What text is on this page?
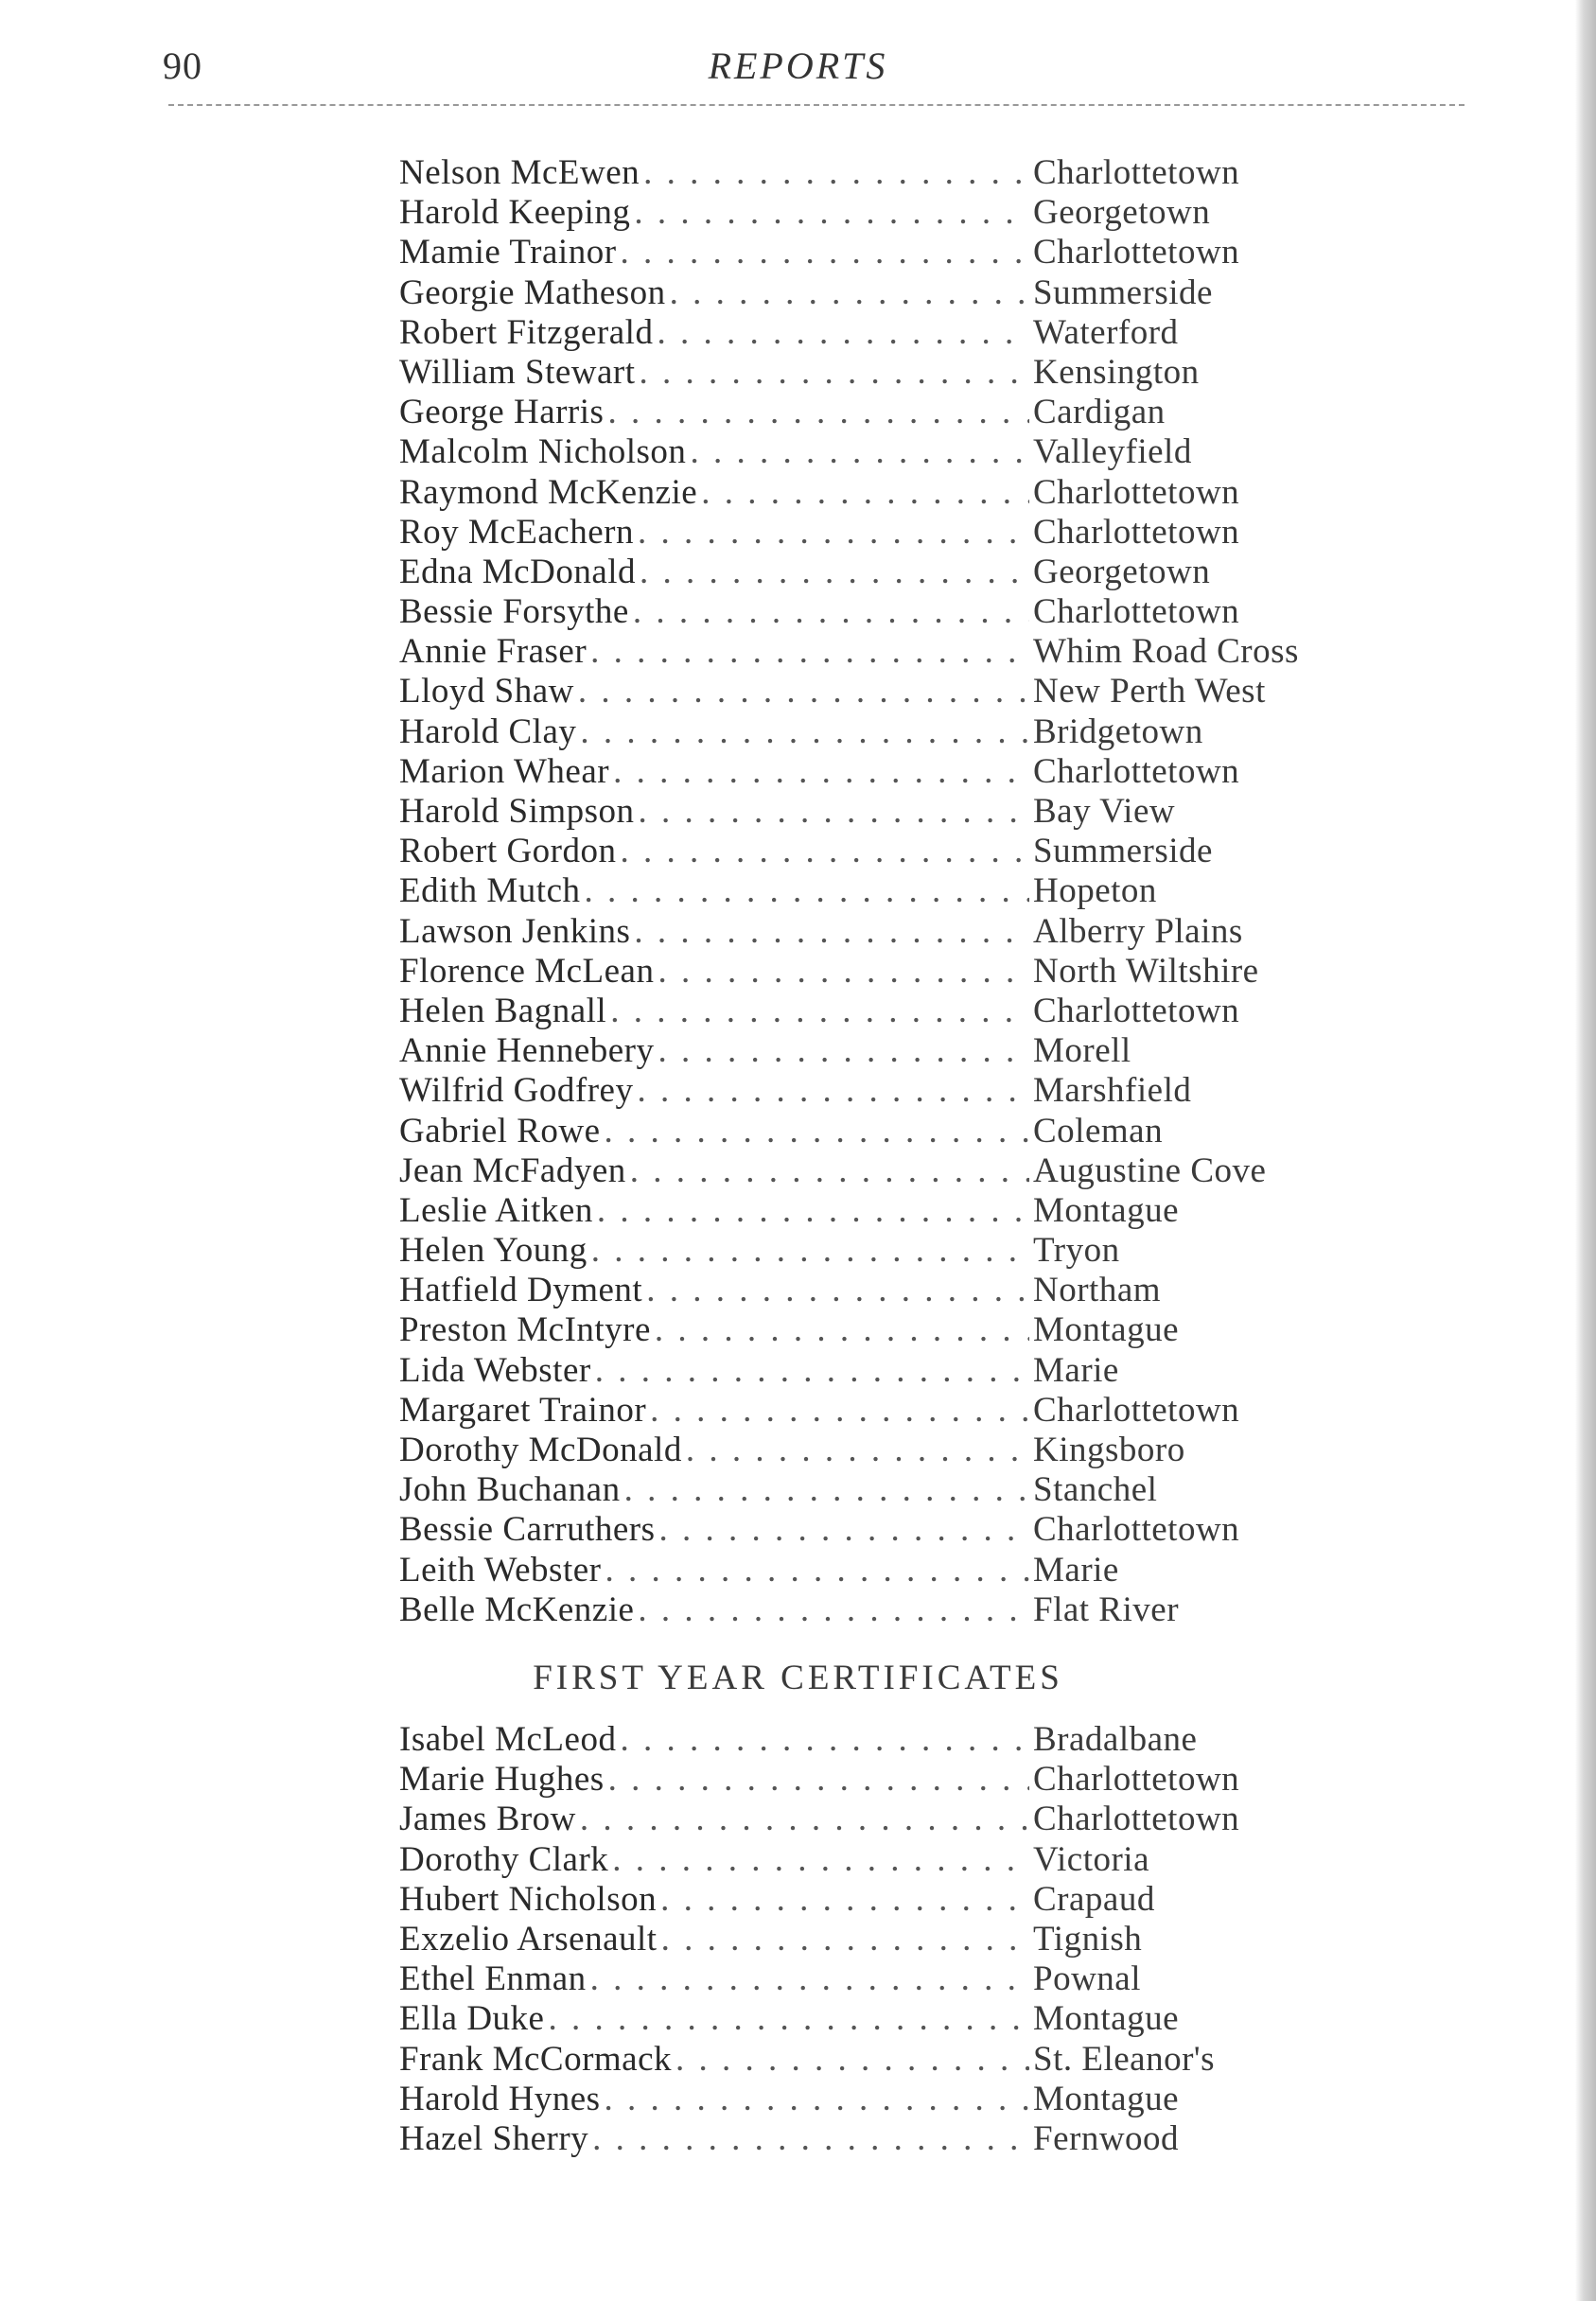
90	REPORTS
Nelson McEwen . . .	Charlottetown
Harold Keeping . . .	Georgetown
Mamie Trainor . . .	Charlottetown
Georgie Matheson . . .	Summerside
Robert Fitzgerald . . .	Waterford
William Stewart . . .	Kensington
George Harris . . .	Cardigan
Malcolm Nicholson . . .	Valleyfield
Raymond McKenzie . . .	Charlottetown
Roy McEachern . . .	Charlottetown
Edna McDonald . . .	Georgetown
Bessie Forsythe . . .	Charlottetown
Annie Fraser . . .	Whim Road Cross
Lloyd Shaw . . .	New Perth West
Harold Clay . . .	Bridgetown
Marion Whear . . .	Charlottetown
Harold Simpson . . .	Bay View
Robert Gordon . . .	Summerside
Edith Mutch . . .	Hopeton
Lawson Jenkins . . .	Alberry Plains
Florence McLean . . .	North Wiltshire
Helen Bagnall . . .	Charlottetown
Annie Hennebery . . .	Morell
Wilfrid Godfrey . . .	Marshfield
Gabriel Rowe . . .	Coleman
Jean McFadyen . . .	Augustine Cove
Leslie Aitken . . .	Montague
Helen Young . . .	Tryon
Hatfield Dyment . . .	Northam
Preston McIntyre . . .	Montague
Lida Webster . . .	Marie
Margaret Trainor . . .	Charlottetown
Dorothy McDonald . . .	Kingsboro
John Buchanan . . .	Stanchel
Bessie Carruthers . . .	Charlottetown
Leith Webster . . .	Marie
Belle McKenzie . . .	Flat River
FIRST YEAR CERTIFICATES
Isabel McLeod . . .	Bradalbane
Marie Hughes . . .	Charlottetown
James Brow . . .	Charlottetown
Dorothy Clark . . .	Victoria
Hubert Nicholson . . .	Crapaud
Exzelio Arsenault . . .	Tignish
Ethel Enman . . .	Pownal
Ella Duke . . .	Montague
Frank McCormack . . .	St. Eleanor's
Harold Hynes . . .	Montague
Hazel Sherry . . .	Fernwood
